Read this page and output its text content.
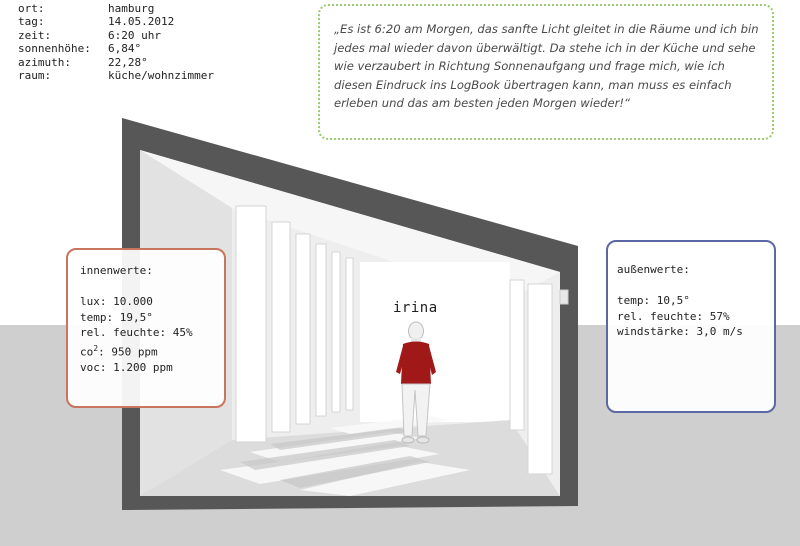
ort:	hamburg
tag:	14.05.2012
zeit:	6:20 uhr
sonnenhöhe:	6,84°
azimuth:	22,28°
raum:	küche/wohnzimmer
„Es ist 6:20 am Morgen, das sanfte Licht gleitet in die Räume und ich bin jedes mal wieder davon überwältigt. Da stehe ich in der Küche und sehe wie verzaubert in Richtung Sonnenaufgang und frage mich, wie ich diesen Eindruck ins LogBook übertragen kann, man muss es einfach erleben und das am besten jeden Morgen wieder!“
irina
innenwerte:
lux: 10.000
temp: 19,5°
rel. feuchte: 45%
$co^2$: 950 ppm
voc: 1.200 ppm
außenwerte:
temp: 10,5°
rel. feuchte: 57%
windstärke: 3,0 m/s
